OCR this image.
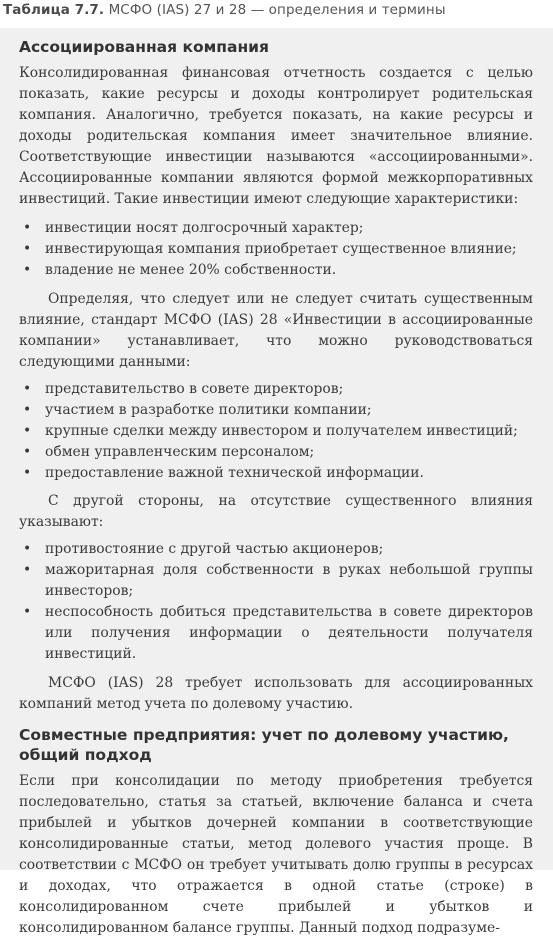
Таблица 7.7. МСФО (IAS) 27 и 28 — определения и термины
Ассоциированная компания

Консолидированная финансовая отчетность создается с целью показать, какие ресурсы и доходы контролирует родительская компания. Аналогично, требуется показать, на какие ресурсы и доходы родительская компания имеет значительное влияние. Соответствующие инвестиции называются «ассоциированными». Ассоциированные компании являются формой межкорпоративных инвестиций. Такие инвестиции имеют следующие характеристики:

• инвестиции носят долгосрочный характер;
• инвестирующая компания приобретает существенное влияние;
• владение не менее 20% собственности.

Определяя, что следует или не следует считать существенным влияние, стандарт МСФО (IAS) 28 «Инвестиции в ассоциированные компании» устанавливает, что можно руководствоваться следующими данными:

• представительство в совете директоров;
• участием в разработке политики компании;
• крупные сделки между инвестором и получателем инвестиций;
• обмен управленческим персоналом;
• предоставление важной технической информации.

С другой стороны, на отсутствие существенного влияния указывают:

• противостояние с другой частью акционеров;
• мажоритарная доля собственности в руках небольшой группы инвесторов;
• неспособность добиться представительства в совете директоров или получения информации о деятельности получателя инвестиций.

МСФО (IAS) 28 требует использовать для ассоциированных компаний метод учета по долевому участию.

Совместные предприятия: учет по долевому участию, общий подход

Если при консолидации по методу приобретения требуется последовательно, статья за статьей, включение баланса и счета прибылей и убытков дочерней компании в соответствующие консолидированные статьи, метод долевого участия проще. В соответствии с МСФО он требует учитывать долю группы в ресурсах и доходах, что отражается в одной статье (строке) в консолидированном счете прибылей и убытков и консолидированном балансе группы. Данный подход подразуме-
